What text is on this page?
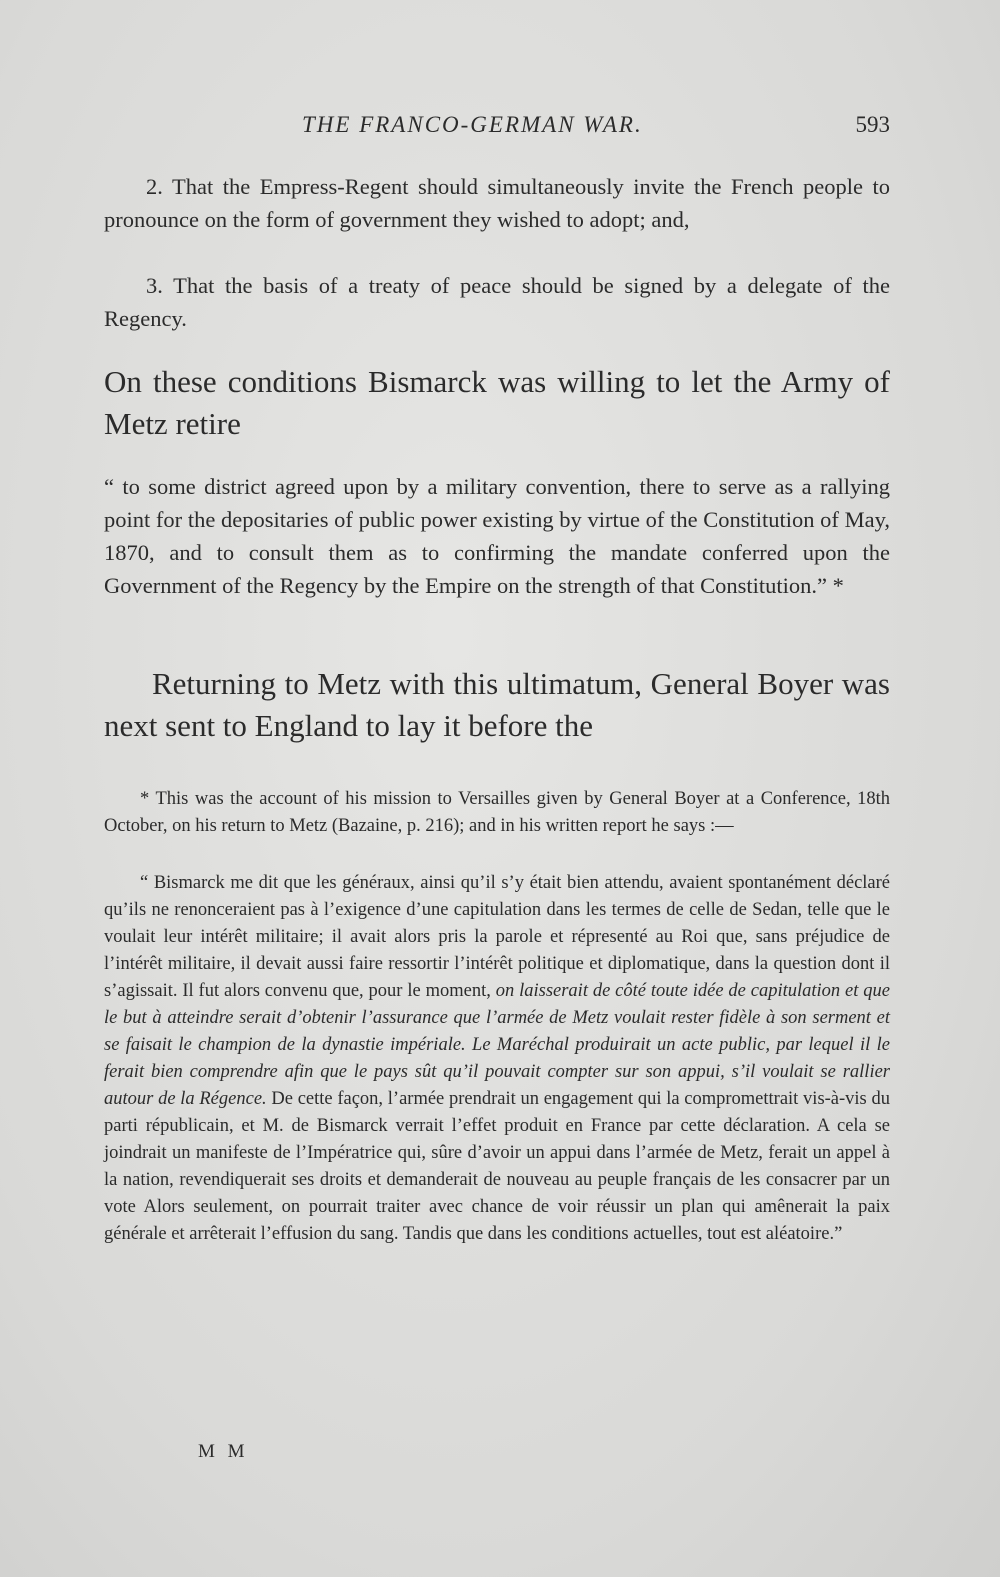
THE FRANCO-GERMAN WAR.	593

2. That the Empress-Regent should simultaneously invite the French people to pronounce on the form of government they wished to adopt; and,

3. That the basis of a treaty of peace should be signed by a delegate of the Regency.

On these conditions Bismarck was willing to let the Army of Metz retire

“ to some district agreed upon by a military convention, there to serve as a rallying point for the depositaries of public power existing by virtue of the Constitution of May, 1870, and to consult them as to confirming the mandate conferred upon the Government of the Regency by the Empire on the strength of that Constitution.” *

Returning to Metz with this ultimatum, General Boyer was next sent to England to lay it before the

* This was the account of his mission to Versailles given by General Boyer at a Conference, 18th October, on his return to Metz (Bazaine, p. 216); and in his written report he says :—

“ Bismarck me dit que les généraux, ainsi qu’il s’y était bien attendu, avaient spontanément déclaré qu’ils ne renonceraient pas à l’exigence d’une capitulation dans les termes de celle de Sedan, telle que le voulait leur intérêt militaire; il avait alors pris la parole et répresenté au Roi que, sans préjudice de l’intérêt militaire, il devait aussi faire ressortir l’intérêt politique et diplomatique, dans la question dont il s’agissait. Il fut alors convenu que, pour le moment, on laisserait de côté toute idée de capitulation et que le but à atteindre serait d’obtenir l’assurance que l’armée de Metz voulait rester fidèle à son serment et se faisait le champion de la dynastie impériale. Le Maréchal produirait un acte public, par lequel il le ferait bien comprendre afin que le pays sût qu’il pouvait compter sur son appui, s’il voulait se rallier autour de la Régence. De cette façon, l’armée prendrait un engagement qui la compromettrait vis-à-vis du parti républicain, et M. de Bismarck verrait l’effet produit en France par cette déclaration. A cela se joindrait un manifeste de l’Impératrice qui, sûre d’avoir un appui dans l’armée de Metz, ferait un appel à la nation, revendiquerait ses droits et demanderait de nouveau au peuple français de les consacrer par un vote Alors seulement, on pourrait traiter avec chance de voir réussir un plan qui amênerait la paix générale et arrêterait l’effusion du sang. Tandis que dans les conditions actuelles, tout est aléatoire.”

M M
